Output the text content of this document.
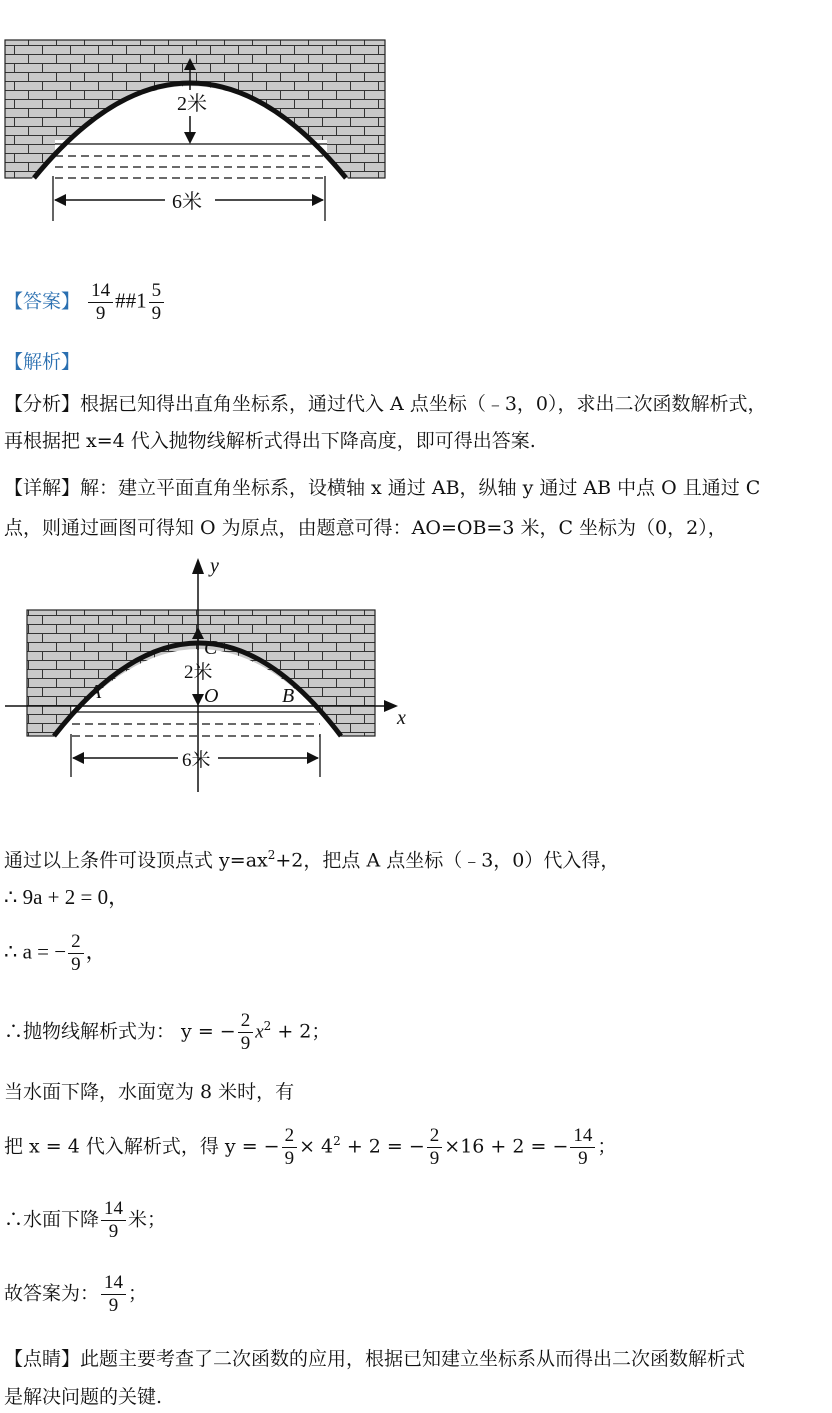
2米
6米
【答案】 $\frac{14}{9}$ ##1 $\frac{5}{9}$
【解析】
【分析】根据已知得出直角坐标系，通过代入 A 点坐标（﹣3，0），求出二次函数解析式，
再根据把 x=4 代入抛物线解析式得出下降高度，即可得出答案.
【详解】解：建立平面直角坐标系，设横轴 x 通过 AB，纵轴 y 通过 AB 中点 O 且通过 C
点，则通过画图可得知 O 为原点，由题意可得：AO=OB=3 米，C 坐标为（0，2），
x
y
C
2米
O
A	B
6米
通过以上条件可设顶点式 $y=ax^2+2$，把点 A 点坐标（﹣3，0）代入得，
∴ 9a + 2 = 0，
∴ a = − $\frac{2}{9}$ ，
∴抛物线解析式为： y = − $\frac{2}{9} x^2 + 2$；
当水面下降，水面宽为 8 米时，有
把 x = 4 代入解析式，得 y = − $\frac{2}{9} \times 4^2 + 2$ = − $\frac{2}{9} \times 16 + 2$ = − $\frac{14}{9}$ ；
∴水面下降 $\frac{14}{9}$ 米；
故答案为： $\frac{14}{9}$ ；
【点睛】此题主要考查了二次函数的应用，根据已知建立坐标系从而得出二次函数解析式
是解决问题的关键.
